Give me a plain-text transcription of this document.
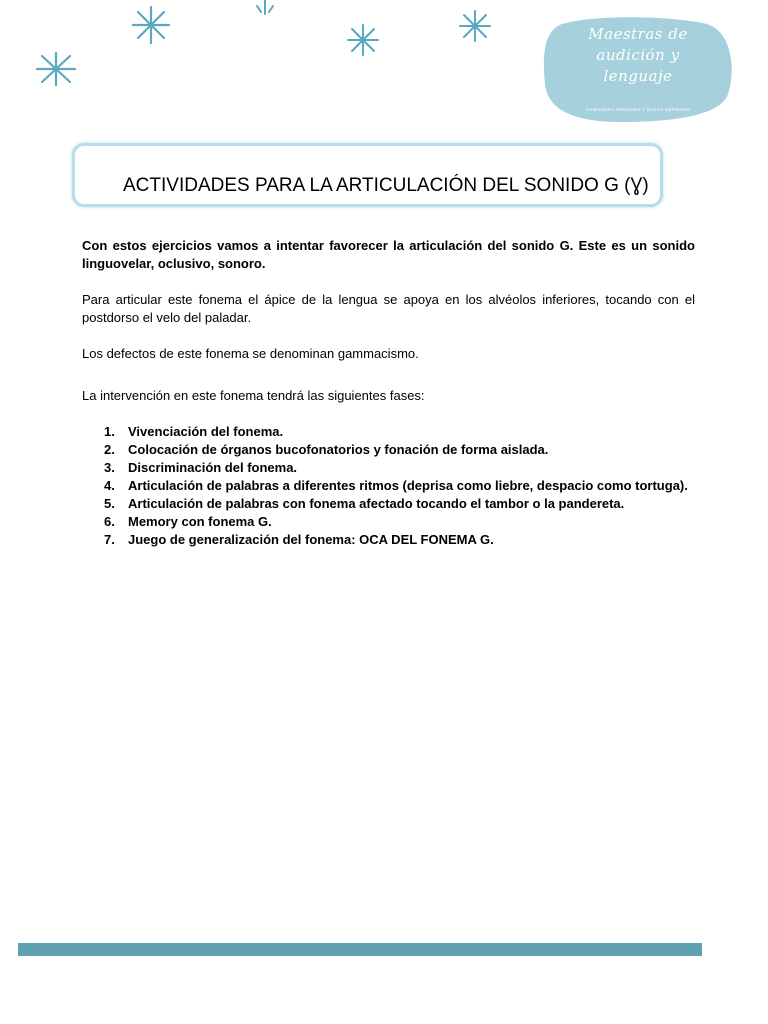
Maestras de
audición y
lenguaje
AUMUDENA VERGARA Y ELENA SERRANO
ACTIVIDADES PARA LA ARTICULACIÓN DEL SONIDO G (Ɣ)

Con estos ejercicios vamos a intentar favorecer la articulación del sonido G. Este es un sonido linguovelar, oclusivo, sonoro.

Para articular este fonema el ápice de la lengua se apoya en los alvéolos inferiores, tocando con el postdorso el velo del paladar.

Los defectos de este fonema se denominan gammacismo.

La intervención en este fonema tendrá las siguientes fases:

1. Vivenciación del fonema.
2. Colocación de órganos bucofonatorios y fonación de forma aislada.
3. Discriminación del fonema.
4. Articulación de palabras a diferentes ritmos (deprisa como liebre, despacio como tortuga).
5. Articulación de palabras con fonema afectado tocando el tambor o la pandereta.
6. Memory con fonema G.
7. Juego de generalización del fonema: OCA DEL FONEMA G.
